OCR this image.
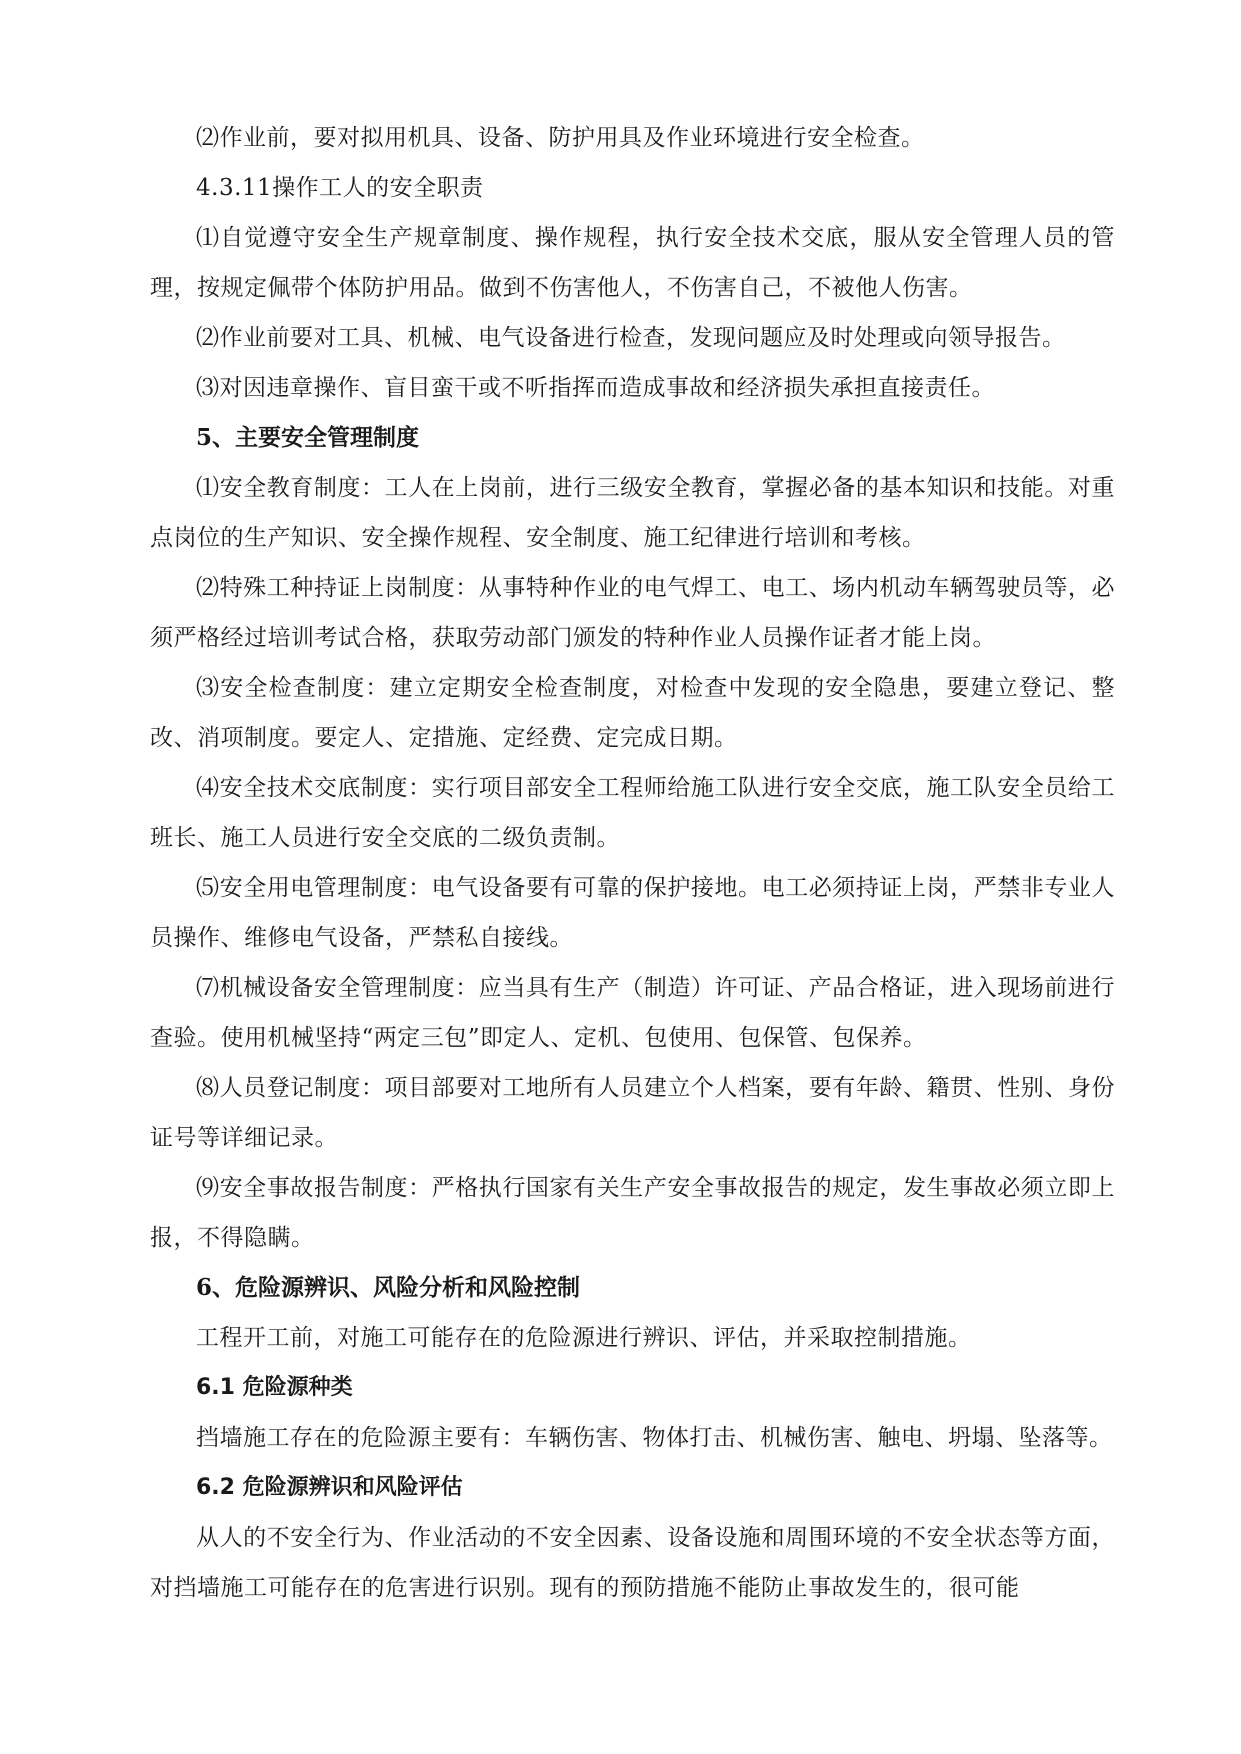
⑵作业前，要对拟用机具、设备、防护用具及作业环境进行安全检查。

4.3.11操作工人的安全职责

⑴自觉遵守安全生产规章制度、操作规程，执行安全技术交底，服从安全管理人员的管理，按规定佩带个体防护用品。做到不伤害他人，不伤害自己，不被他人伤害。

⑵作业前要对工具、机械、电气设备进行检查，发现问题应及时处理或向领导报告。

⑶对因违章操作、盲目蛮干或不听指挥而造成事故和经济损失承担直接责任。

5、主要安全管理制度

⑴安全教育制度：工人在上岗前，进行三级安全教育，掌握必备的基本知识和技能。对重点岗位的生产知识、安全操作规程、安全制度、施工纪律进行培训和考核。

⑵特殊工种持证上岗制度：从事特种作业的电气焊工、电工、场内机动车辆驾驶员等，必须严格经过培训考试合格，获取劳动部门颁发的特种作业人员操作证者才能上岗。

⑶安全检查制度：建立定期安全检查制度，对检查中发现的安全隐患，要建立登记、整改、消项制度。要定人、定措施、定经费、定完成日期。

⑷安全技术交底制度：实行项目部安全工程师给施工队进行安全交底，施工队安全员给工班长、施工人员进行安全交底的二级负责制。

⑸安全用电管理制度：电气设备要有可靠的保护接地。电工必须持证上岗，严禁非专业人员操作、维修电气设备，严禁私自接线。

⑺机械设备安全管理制度：应当具有生产（制造）许可证、产品合格证，进入现场前进行查验。使用机械坚持“两定三包”即定人、定机、包使用、包保管、包保养。

⑻人员登记制度：项目部要对工地所有人员建立个人档案，要有年龄、籍贯、性别、身份证号等详细记录。

⑼安全事故报告制度：严格执行国家有关生产安全事故报告的规定，发生事故必须立即上报，不得隐瞒。

6、危险源辨识、风险分析和风险控制

工程开工前，对施工可能存在的危险源进行辨识、评估，并采取控制措施。

6.1 危险源种类

挡墙施工存在的危险源主要有：车辆伤害、物体打击、机械伤害、触电、坍塌、坠落等。

6.2 危险源辨识和风险评估

从人的不安全行为、作业活动的不安全因素、设备设施和周围环境的不安全状态等方面，对挡墙施工可能存在的危害进行识别。现有的预防措施不能防止事故发生的，很可能
